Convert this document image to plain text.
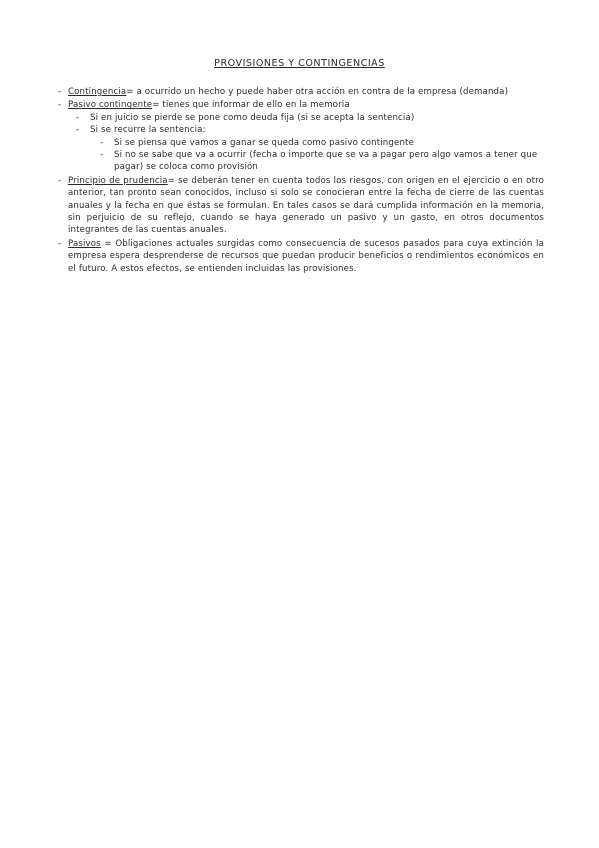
PROVISIONES Y CONTINGENCIAS
- Contingencia= a ocurrido un hecho y puede haber otra acción en contra de la empresa (demanda)
- Pasivo contingente= tienes que informar de ello en la memoria
- Si en juicio se pierde se pone como deuda fija (si se acepta la sentencia)
- Si se recurre la sentencia:
- Si se piensa que vamos a ganar se queda como pasivo contingente
- Si no se sabe que va a ocurrir (fecha o importe que se va a pagar pero algo vamos a tener que pagar) se coloca como provisión
- Principio de prudencia= se deberán tener en cuenta todos los riesgos, con origen en el ejercicio o en otro anterior, tan pronto sean conocidos, incluso si solo se conocieran entre la fecha de cierre de las cuentas anuales y la fecha en que éstas se formulan. En tales casos se dará cumplida información en la memoria, sin perjuicio de su reflejo, cuando se haya generado un pasivo y un gasto, en otros documentos integrantes de las cuentas anuales.
- Pasivos = Obligaciones actuales surgidas como consecuencia de sucesos pasados para cuya extinción la empresa espera desprenderse de recursos que puedan producir beneficios o rendimientos económicos en el futuro. A estos efectos, se entienden incluidas las provisiones.
